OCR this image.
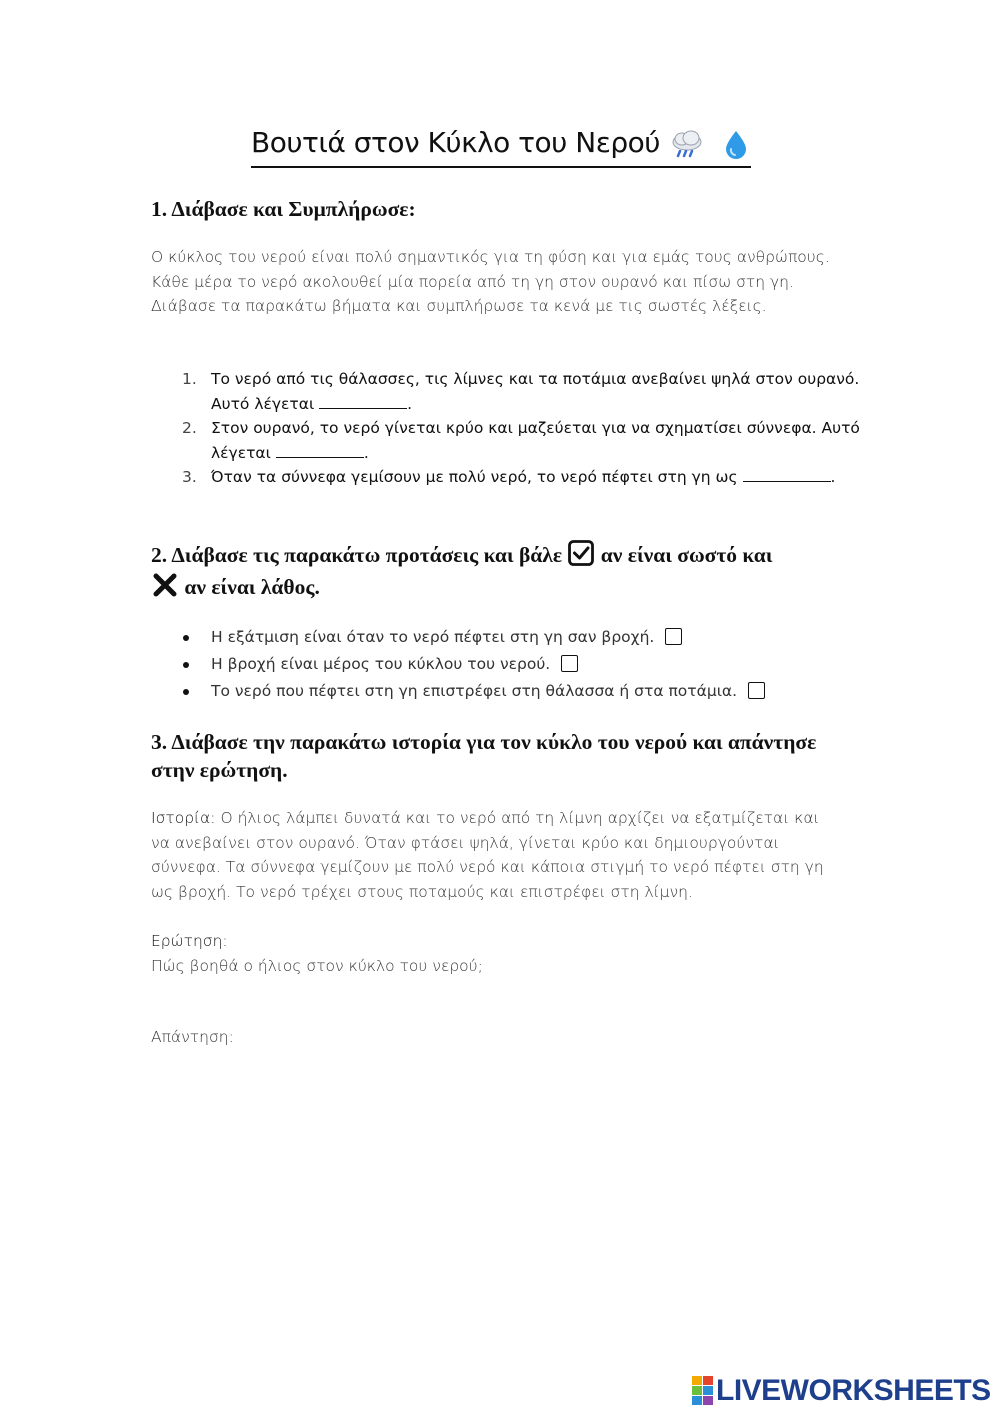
Βουτιά στον Κύκλο του Νερού
1. Διάβασε και Συμπλήρωσε:
Ο κύκλος του νερού είναι πολύ σημαντικός για τη φύση και για εμάς τους ανθρώπους. Κάθε μέρα το νερό ακολουθεί μία πορεία από τη γη στον ουρανό και πίσω στη γη. Διάβασε τα παρακάτω βήματα και συμπλήρωσε τα κενά με τις σωστές λέξεις.
1. Το νερό από τις θάλασσες, τις λίμνες και τα ποτάμια ανεβαίνει ψηλά στον ουρανό. Αυτό λέγεται	.
2. Στον ουρανό, το νερό γίνεται κρύο και μαζεύεται για να σχηματίσει σύννεφα. Αυτό λέγεται	.
3. Όταν τα σύννεφα γεμίσουν με πολύ νερό, το νερό πέφτει στη γη ως	.
2. Διάβασε τις παρακάτω προτάσεις και βάλε αν είναι σωστό και
αν είναι λάθος.
Η εξάτμιση είναι όταν το νερό πέφτει στη γη σαν βροχή.
Η βροχή είναι μέρος του κύκλου του νερού.
Το νερό που πέφτει στη γη επιστρέφει στη θάλασσα ή στα ποτάμια.
3. Διάβασε την παρακάτω ιστορία για τον κύκλο του νερού και απάντησε στην ερώτηση.
Ιστορία: Ο ήλιος λάμπει δυνατά και το νερό από τη λίμνη αρχίζει να εξατμίζεται και να ανεβαίνει στον ουρανό. Όταν φτάσει ψηλά, γίνεται κρύο και δημιουργούνται σύννεφα. Τα σύννεφα γεμίζουν με πολύ νερό και κάποια στιγμή το νερό πέφτει στη γη ως βροχή. Το νερό τρέχει στους ποταμούς και επιστρέφει στη λίμνη.
Ερώτηση:
Πώς βοηθά ο ήλιος στον κύκλο του νερού;
Απάντηση:
LIVEWORKSHEETS
